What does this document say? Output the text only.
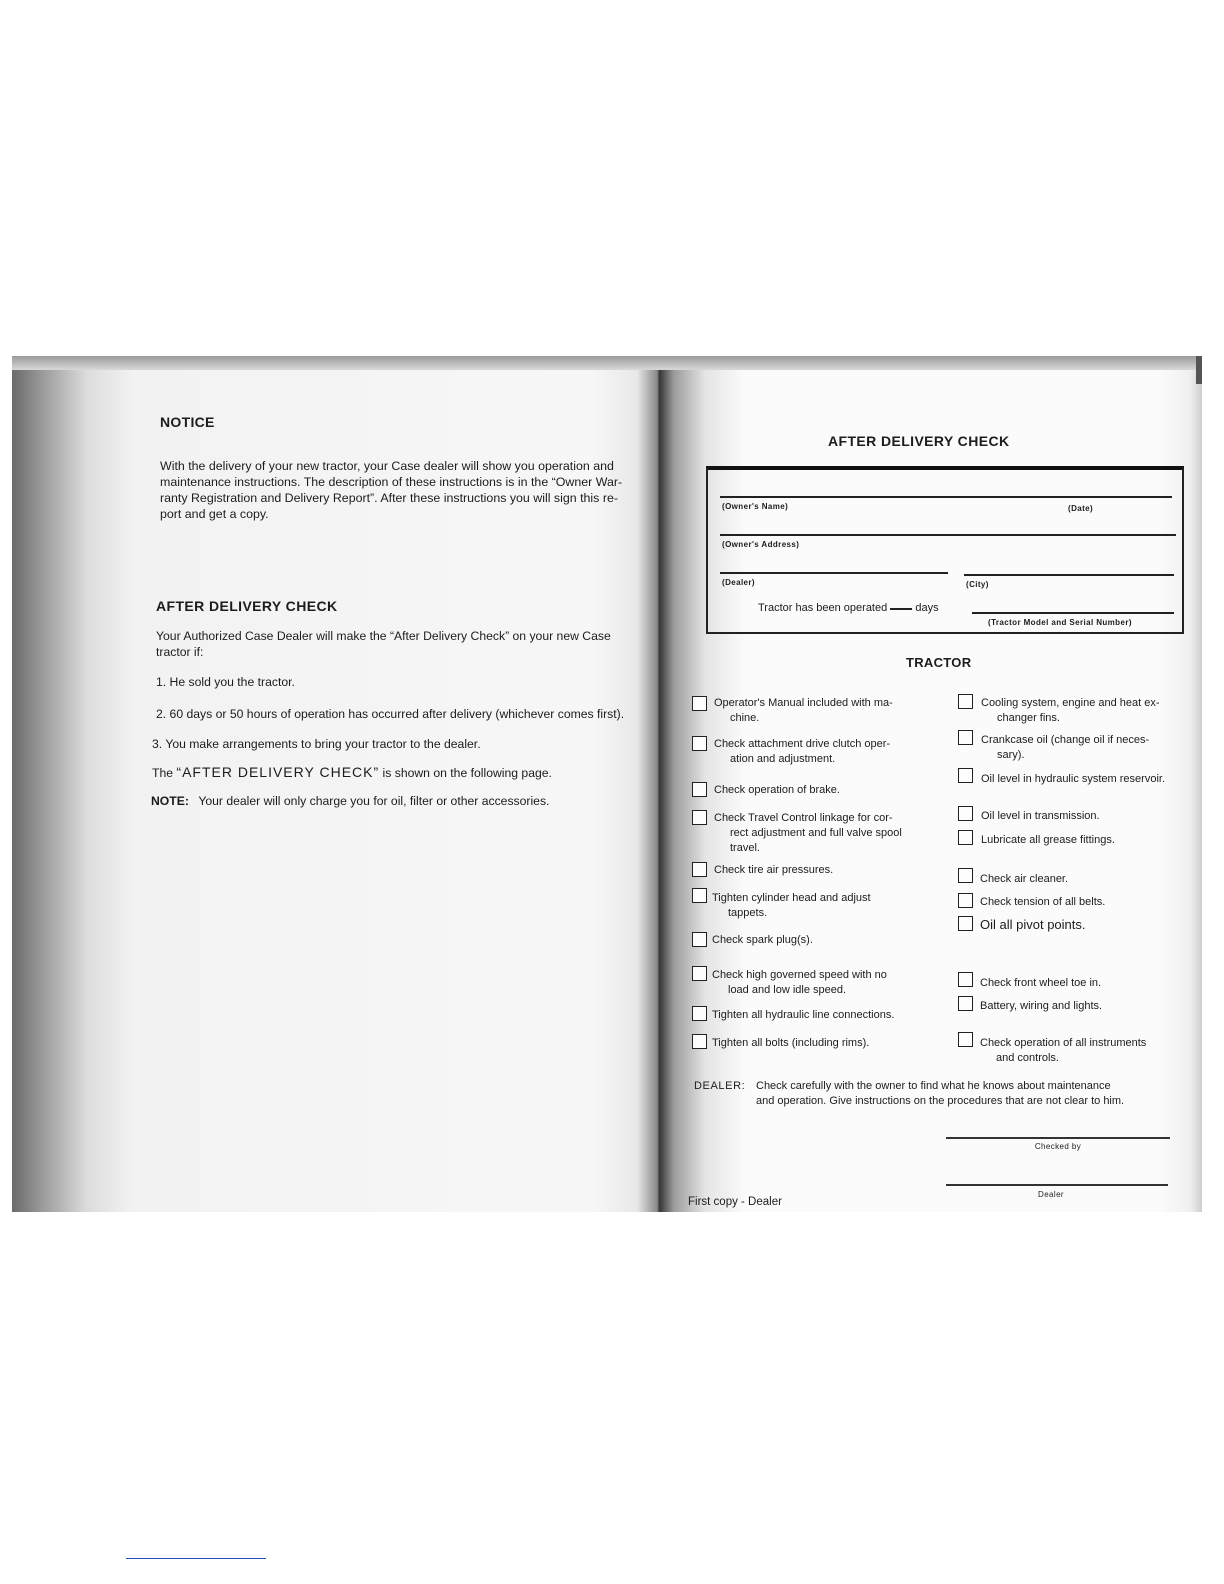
NOTICE
With the delivery of your new tractor, your Case dealer will show you operation and
maintenance instructions. The description of these instructions is in the “Owner War-
ranty Registration and Delivery Report”. After these instructions you will sign this re-
port and get a copy.
AFTER DELIVERY CHECK
Your Authorized Case Dealer will make the “After Delivery Check” on your new Case
tractor if:
1. He sold you the tractor.
2. 60 days or 50 hours of operation has occurred after delivery (whichever comes first).
3. You make arrangements to bring your tractor to the dealer.
The “AFTER DELIVERY CHECK” is shown on the following page.
NOTE: Your dealer will only charge you for oil, filter or other accessories.
AFTER DELIVERY CHECK
(Owner's Name)	(Date)
(Owner's Address)
(Dealer)	(City)
Tractor has been operated	days
(Tractor Model and Serial Number)
TRACTOR
Operator's Manual included with ma-
chine.
Check attachment drive clutch oper-
ation and adjustment.
Check operation of brake.
Check Travel Control linkage for cor-
rect adjustment and full valve spool
travel.
Check tire air pressures.
Tighten cylinder head and adjust
tappets.
Check spark plug(s).
Check high governed speed with no
load and low idle speed.
Tighten all hydraulic line connections.
Tighten all bolts (including rims).
Cooling system, engine and heat ex-
changer fins.
Crankcase oil (change oil if neces-
sary).
Oil level in hydraulic system reservoir.
Oil level in transmission.
Lubricate all grease fittings.
Check air cleaner.
Check tension of all belts.
Oil all pivot points.
Check front wheel toe in.
Battery, wiring and lights.
Check operation of all instruments
and controls.
DEALER: Check carefully with the owner to find what he knows about maintenance
and operation. Give instructions on the procedures that are not clear to him.
Checked by
Dealer
First copy - Dealer
